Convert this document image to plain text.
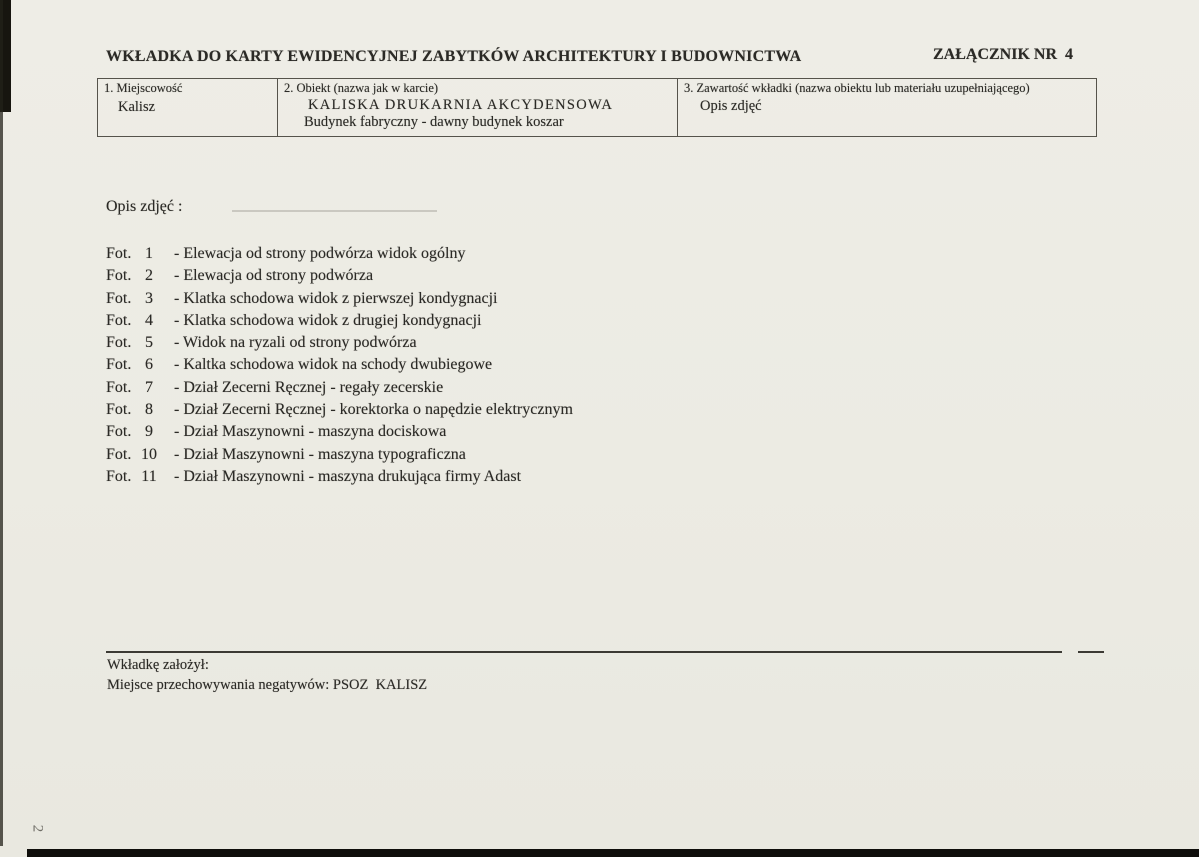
WKŁADKA DO KARTY EWIDENCYJNEJ ZABYTKÓW ARCHITEKTURY I BUDOWNICTWA	ZAŁĄCZNIK NR  4
1. Miejscowość
Kalisz
2. Obiekt (nazwa jak w karcie)
KALISKA DRUKARNIA AKCYDENSOWA
Budynek fabryczny - dawny budynek koszar
3. Zawartość wkładki (nazwa obiektu lub materiału uzupełniającego)
Opis zdjęć
Opis zdjęć :
Fot. 1	- Elewacja od strony podwórza widok ogólny
Fot. 2	- Elewacja od strony podwórza
Fot. 3	- Klatka schodowa widok z pierwszej kondygnacji
Fot. 4	- Klatka schodowa widok z drugiej kondygnacji
Fot. 5	- Widok na ryzali od strony podwórza
Fot. 6	- Kaltka schodowa widok na schody dwubiegowe
Fot. 7	- Dział Zecerni Ręcznej - regały zecerskie
Fot. 8	- Dział Zecerni Ręcznej - korektorka o napędzie elektrycznym
Fot. 9	- Dział Maszynowni - maszyna dociskowa
Fot. 10 - Dział Maszynowni - maszyna typograficzna
Fot. 11 - Dział Maszynowni - maszyna drukująca firmy Adast
Wkładkę założył:
Miejsce przechowywania negatywów: PSOZ  KALISZ
2
